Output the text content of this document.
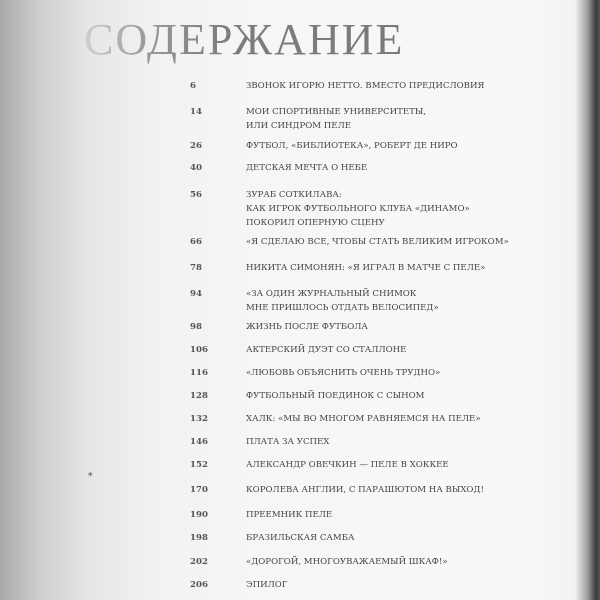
СОДЕРЖАНИЕ
*
6	ЗВОНОК ИГОРЮ НЕТТО. ВМЕСТО ПРЕДИСЛОВИЯ
14	МОИ СПОРТИВНЫЕ УНИВЕРСИТЕТЫ,
ИЛИ СИНДРОМ ПЕЛЕ
26	ФУТБОЛ, «БИБЛИОТЕКА», РОБЕРТ ДЕ НИРО
40	ДЕТСКАЯ МЕЧТА О НЕБЕ
56	ЗУРАБ СОТКИЛАВА:
КАК ИГРОК ФУТБОЛЬНОГО КЛУБА «ДИНАМО»
ПОКОРИЛ ОПЕРНУЮ СЦЕНУ
66	«Я СДЕЛАЮ ВСЕ, ЧТОБЫ СТАТЬ ВЕЛИКИМ ИГРОКОМ»
78	НИКИТА СИМОНЯН: «Я ИГРАЛ В МАТЧЕ С ПЕЛЕ»
94	«ЗА ОДИН ЖУРНАЛЬНЫЙ СНИМОК
МНЕ ПРИШЛОСЬ ОТДАТЬ ВЕЛОСИПЕД»
98	ЖИЗНЬ ПОСЛЕ ФУТБОЛА
106	АКТЕРСКИЙ ДУЭТ СО СТАЛЛОНЕ
116	«ЛЮБОВЬ ОБЪЯСНИТЬ ОЧЕНЬ ТРУДНО»
128	ФУТБОЛЬНЫЙ ПОЕДИНОК С СЫНОМ
132	ХАЛК: «МЫ ВО МНОГОМ РАВНЯЕМСЯ НА ПЕЛЕ»
146	ПЛАТА ЗА УСПЕХ
152	АЛЕКСАНДР ОВЕЧКИН — ПЕЛЕ В ХОККЕЕ
170	КОРОЛЕВА АНГЛИИ, С ПАРАШЮТОМ НА ВЫХОД!
190	ПРЕЕМНИК ПЕЛЕ
198	БРАЗИЛЬСКАЯ САМБА
202	«ДОРОГОЙ, МНОГОУВАЖАЕМЫЙ ШКАФ!»
206	ЭПИЛОГ
